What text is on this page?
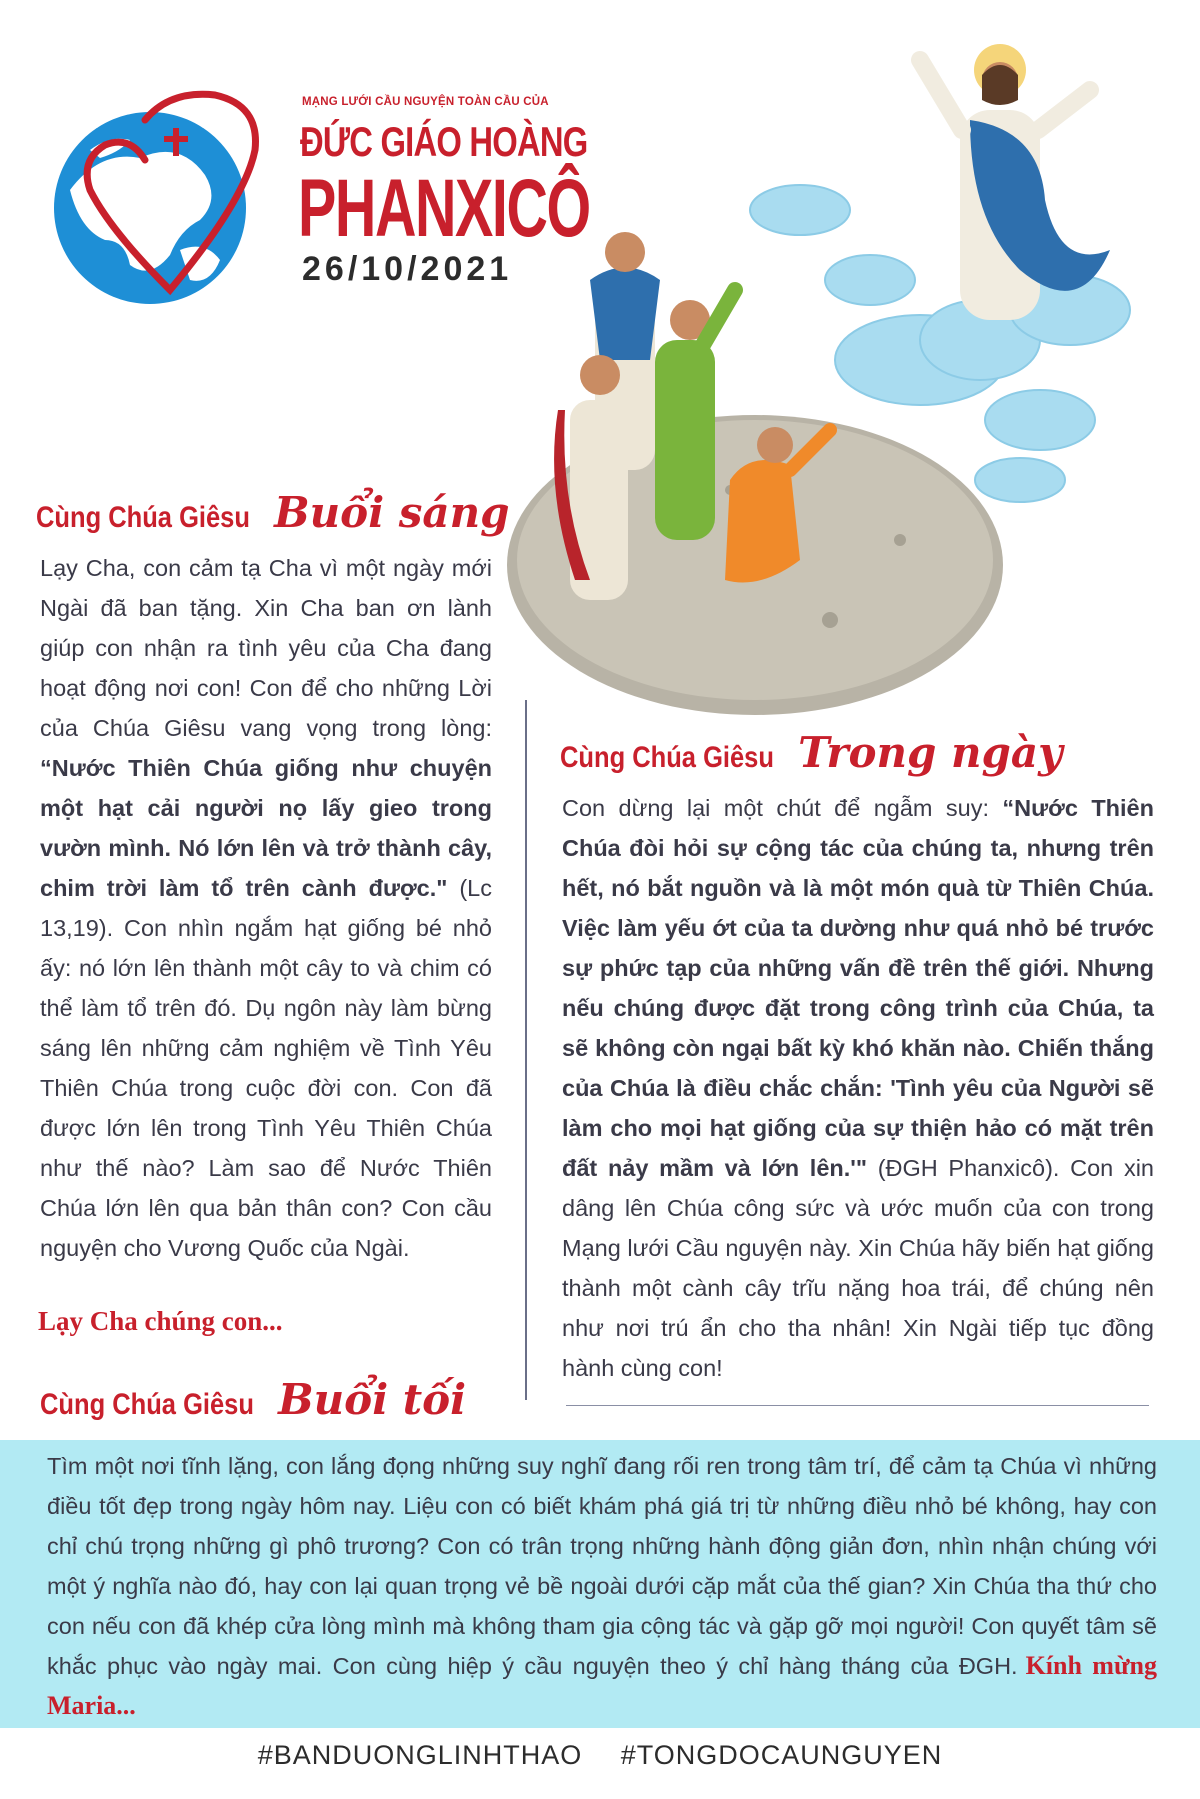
MẠNG LƯỚI CẦU NGUYỆN TOÀN CẦU CỦA
ĐỨC GIÁO HOÀNG
PHANXICÔ
26/10/2021
Cùng Chúa Giêsu Buổi sáng
Lạy Cha, con cảm tạ Cha vì một ngày mới Ngài đã ban tặng. Xin Cha ban ơn lành giúp con nhận ra tình yêu của Cha đang hoạt động nơi con! Con để cho những Lời của Chúa Giêsu vang vọng trong lòng: “Nước Thiên Chúa giống như chuyện một hạt cải người nọ lấy gieo trong vườn mình. Nó lớn lên và trở thành cây, chim trời làm tổ trên cành được." (Lc 13,19). Con nhìn ngắm hạt giống bé nhỏ ấy: nó lớn lên thành một cây to và chim có thể làm tổ trên đó. Dụ ngôn này làm bừng sáng lên những cảm nghiệm về Tình Yêu Thiên Chúa trong cuộc đời con. Con đã được lớn lên trong Tình Yêu Thiên Chúa như thế nào? Làm sao để Nước Thiên Chúa lớn lên qua bản thân con? Con cầu nguyện cho Vương Quốc của Ngài.
Lạy Cha chúng con...
Cùng Chúa Giêsu Trong ngày
Con dừng lại một chút để ngẫm suy: “Nước Thiên Chúa đòi hỏi sự cộng tác của chúng ta, nhưng trên hết, nó bắt nguồn và là một món quà từ Thiên Chúa. Việc làm yếu ớt của ta dường như quá nhỏ bé trước sự phức tạp của những vấn đề trên thế giới. Nhưng nếu chúng được đặt trong công trình của Chúa, ta sẽ không còn ngại bất kỳ khó khăn nào. Chiến thắng của Chúa là điều chắc chắn: 'Tình yêu của Người sẽ làm cho mọi hạt giống của sự thiện hảo có mặt trên đất nảy mầm và lớn lên.'" (ĐGH Phanxicô). Con xin dâng lên Chúa công sức và ước muốn của con trong Mạng lưới Cầu nguyện này. Xin Chúa hãy biến hạt giống thành một cành cây trĩu nặng hoa trái, để chúng nên như nơi trú ẩn cho tha nhân! Xin Ngài tiếp tục đồng hành cùng con!
Cùng Chúa Giêsu Buổi tối
Tìm một nơi tĩnh lặng, con lắng đọng những suy nghĩ đang rối ren trong tâm trí, để cảm tạ Chúa vì những điều tốt đẹp trong ngày hôm nay. Liệu con có biết khám phá giá trị từ những điều nhỏ bé không, hay con chỉ chú trọng những gì phô trương? Con có trân trọng những hành động giản đơn, nhìn nhận chúng với một ý nghĩa nào đó, hay con lại quan trọng vẻ bề ngoài dưới cặp mắt của thế gian? Xin Chúa tha thứ cho con nếu con đã khép cửa lòng mình mà không tham gia cộng tác và gặp gỡ mọi người! Con quyết tâm sẽ khắc phục vào ngày mai. Con cùng hiệp ý cầu nguyện theo ý chỉ hàng tháng của ĐGH. Kính mừng Maria...
#BANDUONGLINHTHAO #TONGDOCAUNGUYEN
